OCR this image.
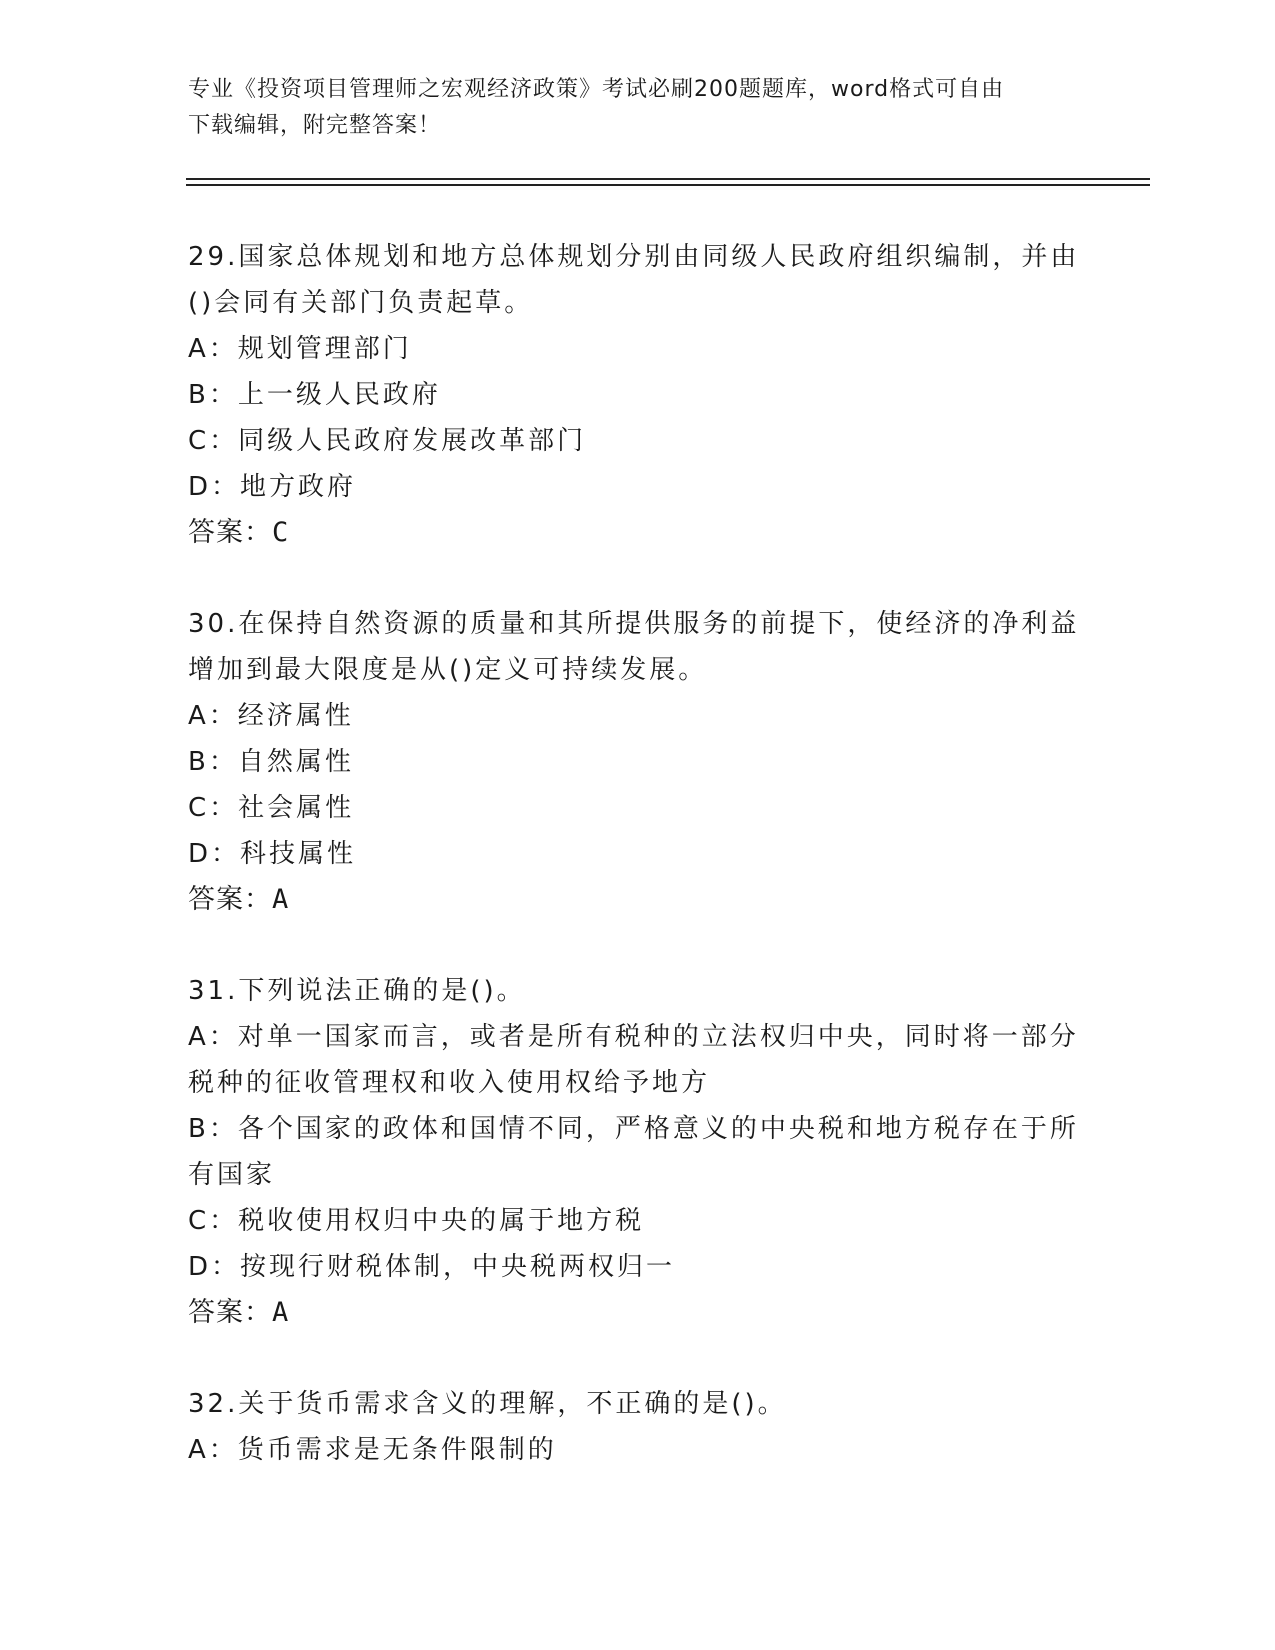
专业《投资项目管理师之宏观经济政策》考试必刷200题题库，word格式可自由
下载编辑，附完整答案！
29.国家总体规划和地方总体规划分别由同级人民政府组织编制，并由
()会同有关部门负责起草。
A：规划管理部门
B：上一级人民政府
C：同级人民政府发展改革部门
D：地方政府
答案：C
30.在保持自然资源的质量和其所提供服务的前提下，使经济的净利益
增加到最大限度是从()定义可持续发展。
A：经济属性
B：自然属性
C：社会属性
D：科技属性
答案：A
31.下列说法正确的是()。
A：对单一国家而言，或者是所有税种的立法权归中央，同时将一部分
税种的征收管理权和收入使用权给予地方
B：各个国家的政体和国情不同，严格意义的中央税和地方税存在于所
有国家
C：税收使用权归中央的属于地方税
D：按现行财税体制，中央税两权归一
答案：A
32.关于货币需求含义的理解，不正确的是()。
A：货币需求是无条件限制的
